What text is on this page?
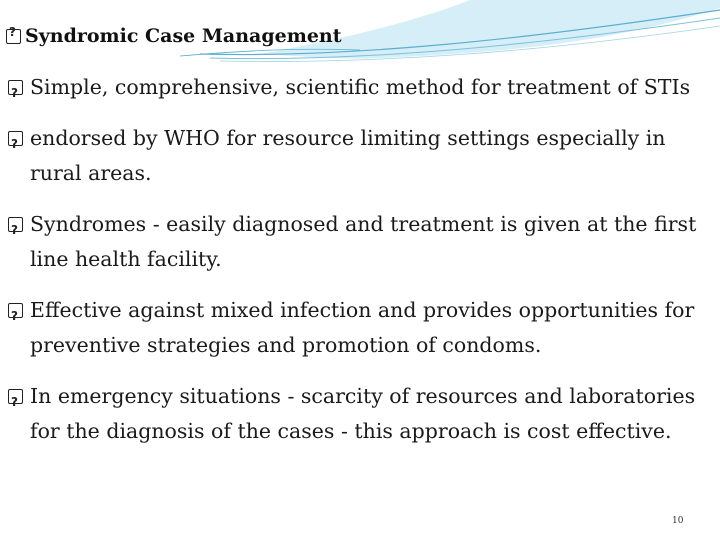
?Syndromic Case Management
?
Simple, comprehensive, scientific method for treatment of STIs
?
endorsed by WHO for resource limiting settings especially in rural areas.
?
Syndromes - easily diagnosed and treatment is given at the first line health facility.
?
Effective against mixed infection and provides opportunities for preventive strategies and promotion of condoms.
?
In emergency situations - scarcity of resources and laboratories for the diagnosis of the cases - this approach is cost effective.
10
